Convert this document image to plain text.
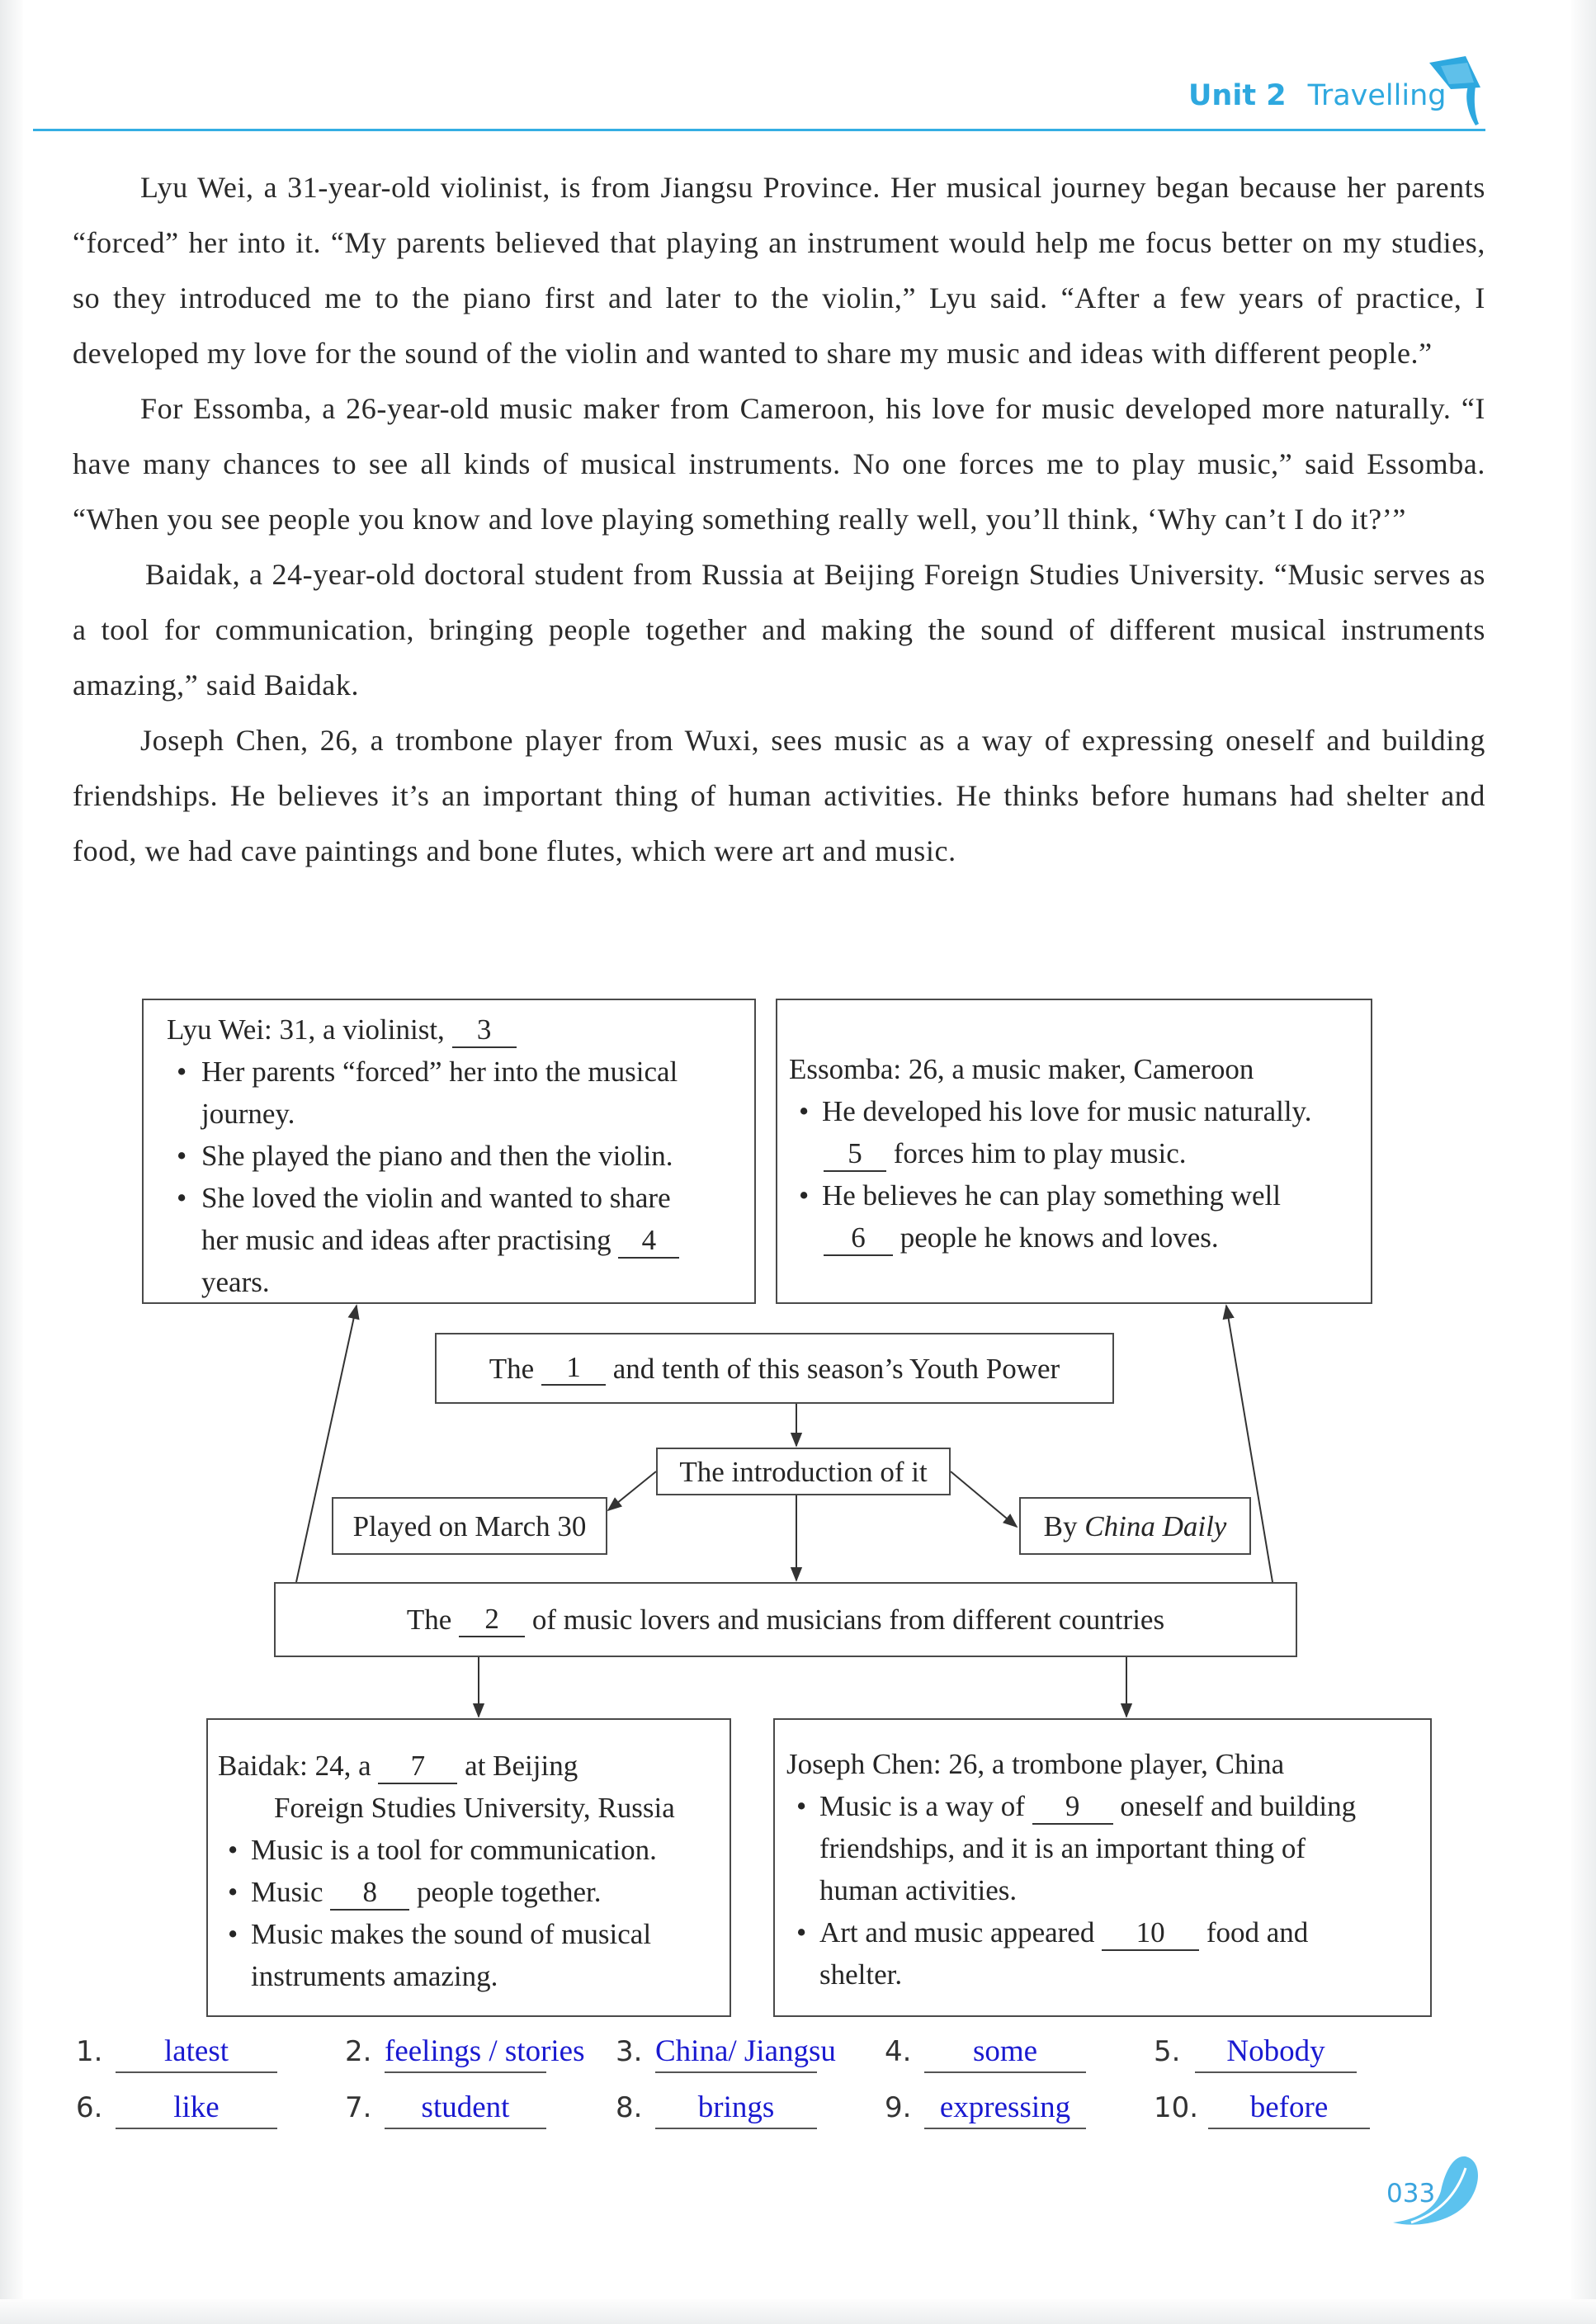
Unit 2 Travelling

Lyu Wei, a 31-year-old violinist, is from Jiangsu Province. Her musical journey began because her parents “forced” her into it. “My parents believed that playing an instrument would help me focus better on my studies, so they introduced me to the piano first and later to the violin,” Lyu said. “After a few years of practice, I developed my love for the sound of the violin and wanted to share my music and ideas with different people.”

For Essomba, a 26-year-old music maker from Cameroon, his love for music developed more naturally. “I have many chances to see all kinds of musical instruments. No one forces me to play music,” said Essomba. “When you see people you know and love playing something really well, you’ll think, ‘Why can’t I do it?’”

Baidak, a 24-year-old doctoral student from Russia at Beijing Foreign Studies University. “Music serves as a tool for communication, bringing people together and making the sound of different musical instruments amazing,” said Baidak.

Joseph Chen, 26, a trombone player from Wuxi, sees music as a way of expressing oneself and building friendships. He believes it’s an important thing of human activities. He thinks before humans had shelter and food, we had cave paintings and bone flutes, which were art and music.

Lyu Wei: 31, a violinist, 3
• Her parents “forced” her into the musical
journey.
• She played the piano and then the violin.
• She loved the violin and wanted to share
her music and ideas after practising 4
years.
Essomba: 26, a music maker, Cameroon
• He developed his love for music naturally.
5 forces him to play music.
• He believes he can play something well
6 people he knows and loves.
The
	1
	and tenth of this season’s Youth Power
The introduction of it
Played on March 30	By
China Daily
The
	2
	of music lovers and musicians from different countries
Baidak: 24, a 7 at Beijing
Foreign Studies University, Russia
• Music is a tool for communication.
• Music 8 people together.
• Music makes the sound of musical
instruments amazing.
Joseph Chen: 26, a trombone player, China
• Music is a way of 9 oneself and building
friendships, and it is an important thing of
human activities.
• Art and music appeared 10 food and
shelter.
1. latest	2. feelings / stories 3. China/ Jiangsu 4. some	5. Nobody
6. like	7. student	8. brings	9. expressing	10. before
033
